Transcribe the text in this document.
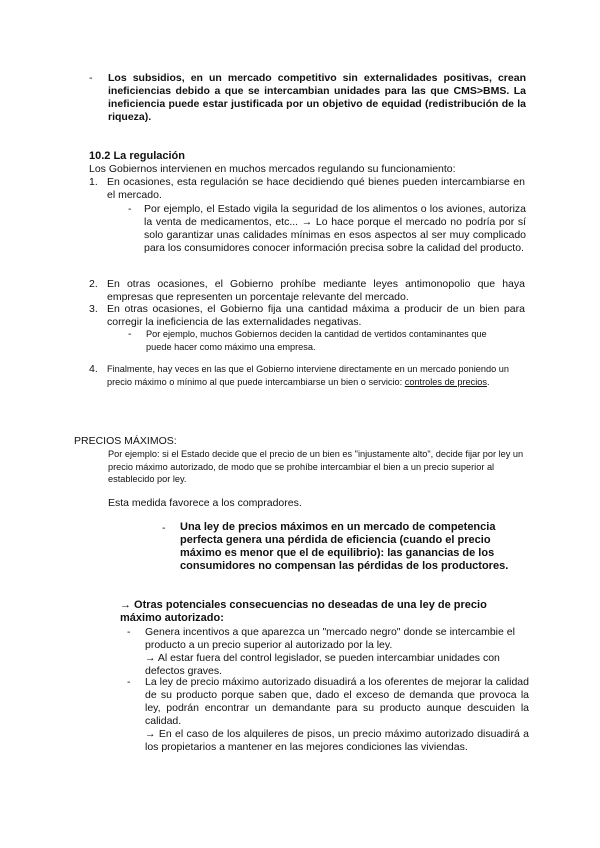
- Los subsidios, en un mercado competitivo sin externalidades positivas, crean ineficiencias debido a que se intercambian unidades para las que CMS>BMS. La ineficiencia puede estar justificada por un objetivo de equidad (redistribución de la riqueza).
10.2 La regulación
Los Gobiernos intervienen en muchos mercados regulando su funcionamiento:
1. En ocasiones, esta regulación se hace decidiendo qué bienes pueden intercambiarse en el mercado.
- Por ejemplo, el Estado vigila la seguridad de los alimentos o los aviones, autoriza la venta de medicamentos, etc... → Lo hace porque el mercado no podría por sí solo garantizar unas calidades mínimas en esos aspectos al ser muy complicado para los consumidores conocer información precisa sobre la calidad del producto.
2. En otras ocasiones, el Gobierno prohíbe mediante leyes antimonopolio que haya empresas que representen un porcentaje relevante del mercado.
3. En otras ocasiones, el Gobierno fija una cantidad máxima a producir de un bien para corregir la ineficiencia de las externalidades negativas.
- Por ejemplo, muchos Gobiernos deciden la cantidad de vertidos contaminantes que puede hacer como máximo una empresa.
4. Finalmente, hay veces en las que el Gobierno interviene directamente en un mercado poniendo un precio máximo o mínimo al que puede intercambiarse un bien o servicio: controles de precios.
PRECIOS MÁXIMOS:
Por ejemplo: si el Estado decide que el precio de un bien es "injustamente alto", decide fijar por ley un precio máximo autorizado, de modo que se prohíbe intercambiar el bien a un precio superior al establecido por ley.
Esta medida favorece a los compradores.
- Una ley de precios máximos en un mercado de competencia perfecta genera una pérdida de eficiencia (cuando el precio máximo es menor que el de equilibrio): las ganancias de los consumidores no compensan las pérdidas de los productores.
→ Otras potenciales consecuencias no deseadas de una ley de precio máximo autorizado:
- Genera incentivos a que aparezca un "mercado negro" donde se intercambie el producto a un precio superior al autorizado por la ley.
→ Al estar fuera del control legislador, se pueden intercambiar unidades con defectos graves.
- La ley de precio máximo autorizado disuadirá a los oferentes de mejorar la calidad de su producto porque saben que, dado el exceso de demanda que provoca la ley, podrán encontrar un demandante para su producto aunque descuiden la calidad.
→ En el caso de los alquileres de pisos, un precio máximo autorizado disuadirá a los propietarios a mantener en las mejores condiciones las viviendas.
